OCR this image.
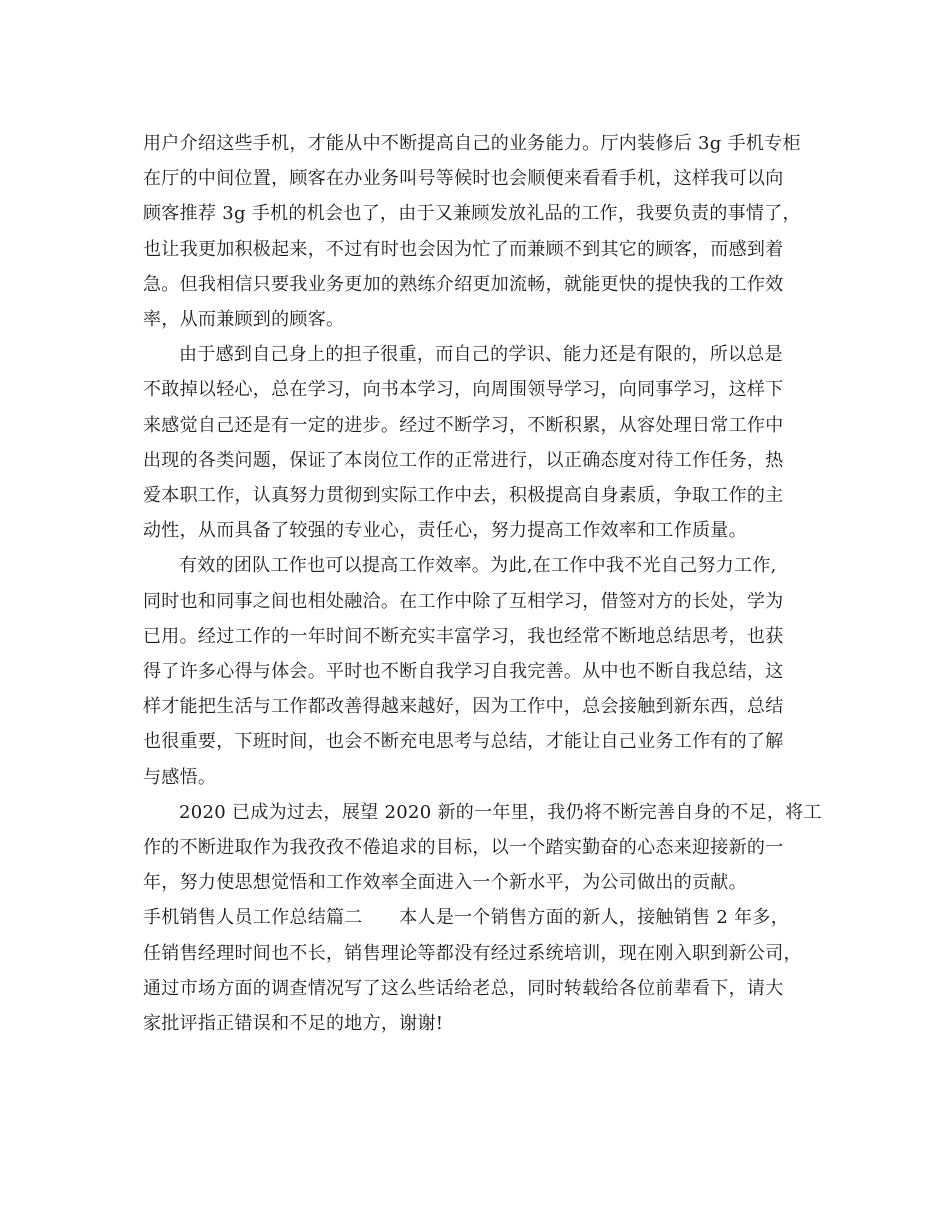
用户介绍这些手机，才能从中不断提高自己的业务能力。厅内装修后 3g 手机专柜
在厅的中间位置，顾客在办业务叫号等候时也会顺便来看看手机，这样我可以向
顾客推荐 3g 手机的机会也了，由于又兼顾发放礼品的工作，我要负责的事情了，
也让我更加积极起来，不过有时也会因为忙了而兼顾不到其它的顾客，而感到着
急。但我相信只要我业务更加的熟练介绍更加流畅，就能更快的提快我的工作效
率，从而兼顾到的顾客。

由于感到自己身上的担子很重，而自己的学识、能力还是有限的，所以总是
不敢掉以轻心，总在学习，向书本学习，向周围领导学习，向同事学习，这样下
来感觉自己还是有一定的进步。经过不断学习，不断积累，从容处理日常工作中
出现的各类问题，保证了本岗位工作的正常进行，以正确态度对待工作任务，热
爱本职工作，认真努力贯彻到实际工作中去，积极提高自身素质，争取工作的主
动性，从而具备了较强的专业心，责任心，努力提高工作效率和工作质量。

有效的团队工作也可以提高工作效率。为此,在工作中我不光自己努力工作,
同时也和同事之间也相处融洽。在工作中除了互相学习，借签对方的长处，学为
已用。经过工作的一年时间不断充实丰富学习，我也经常不断地总结思考，也获
得了许多心得与体会。平时也不断自我学习自我完善。从中也不断自我总结，这
样才能把生活与工作都改善得越来越好，因为工作中，总会接触到新东西，总结
也很重要，下班时间，也会不断充电思考与总结，才能让自己业务工作有的了解
与感悟。

2020 已成为过去，展望 2020 新的一年里，我仍将不断完善自身的不足，将工
作的不断进取作为我孜孜不倦追求的目标，以一个踏实勤奋的心态来迎接新的一
年，努力使思想觉悟和工作效率全面进入一个新水平，为公司做出的贡献。

手机销售人员工作总结篇二　　本人是一个销售方面的新人，接触销售 2 年多，
任销售经理时间也不长，销售理论等都没有经过系统培训，现在刚入职到新公司，
通过市场方面的调查情况写了这么些话给老总，同时转载给各位前辈看下，请大
家批评指正错误和不足的地方，谢谢!
